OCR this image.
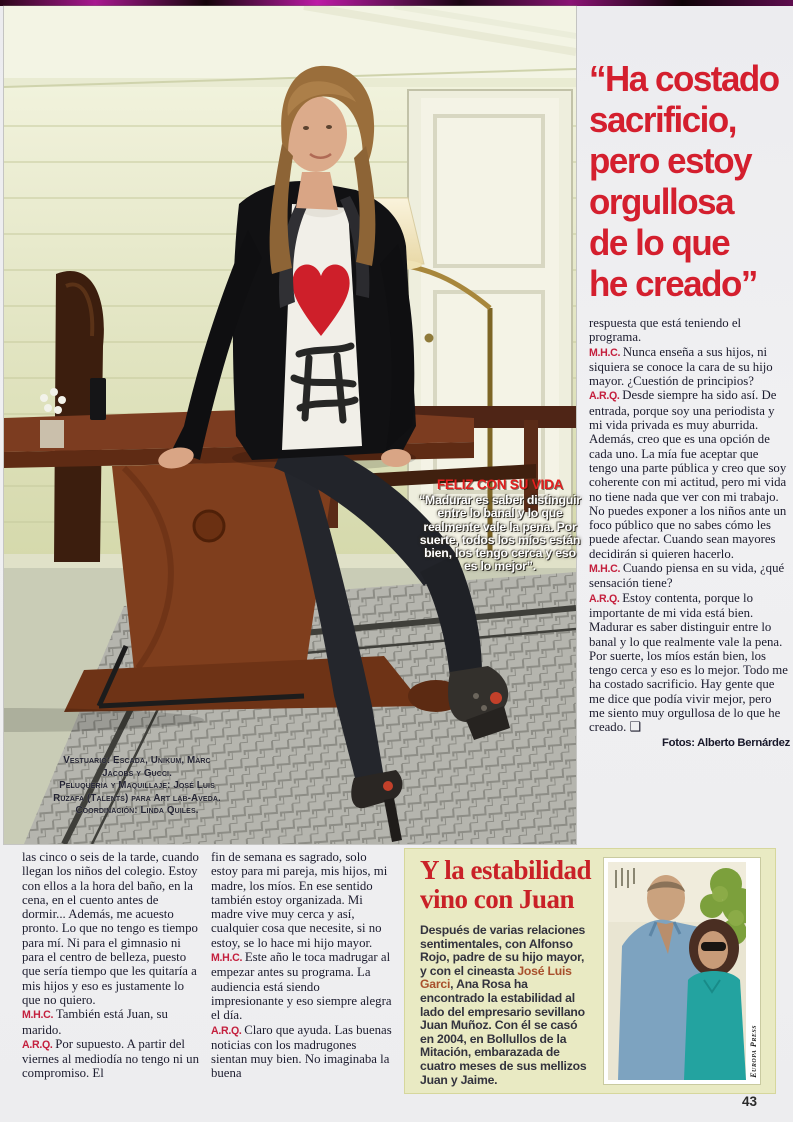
FELIZ CON SU VIDA
“Madurar es saber distinguir entre lo banal y lo que realmente vale la pena. Por suerte, todos los míos están bien, los tengo cerca y eso es lo mejor”.
Vestuario: Escada, Unikum, Marc
Jacobs y Gucci.
Peluquería y Maquillaje: José Luis
Ruzafa (Talents) para Art lab-Aveda.
Coordinación: Linda Quiles.
“Ha costado
sacrificio,
pero estoy
orgullosa
de lo que
he creado”

respuesta que está teniendo el programa.

M.H.C. Nunca enseña a sus hijos, ni siquiera se conoce la cara de su hijo mayor. ¿Cuestión de principios?

A.R.Q. Desde siempre ha sido así. De entrada, porque soy una periodista y mi vida privada es muy aburrida. Además, creo que es una opción de cada uno. La mía fue aceptar que tengo una parte pública y creo que soy coherente con mi actitud, pero mi vida no tiene nada que ver con mi trabajo. No puedes exponer a los niños ante un foco público que no sabes cómo les puede afectar. Cuando sean mayores decidirán si quieren hacerlo.

M.H.C. Cuando piensa en su vida, ¿qué sensación tiene?

A.R.Q. Estoy contenta, porque lo importante de mi vida está bien. Madurar es saber distinguir entre lo banal y lo que realmente vale la pena. Por suerte, los míos están bien, los tengo cerca y eso es lo mejor. Todo me ha costado sacrificio. Hay gente que me dice que podía vivir mejor, pero me siento muy orgullosa de lo que he creado. ❑

Fotos: Alberto Bernárdez

las cinco o seis de la tarde, cuando llegan los niños del colegio. Estoy con ellos a la hora del baño, en la cena, en el cuento antes de dormir... Además, me acuesto pronto. Lo que no tengo es tiempo para mí. Ni para el gimnasio ni para el centro de belleza, puesto que sería tiempo que les quitaría a mis hijos y eso es justamente lo que no quiero.

M.H.C. También está Juan, su marido.

A.R.Q. Por supuesto. A partir del viernes al mediodía no tengo ni un compromiso. El

fin de semana es sagrado, solo estoy para mi pareja, mis hijos, mi madre, los míos. En ese sentido también estoy organizada. Mi madre vive muy cerca y así, cualquier cosa que necesite, si no estoy, se lo hace mi hijo mayor.

M.H.C. Este año le toca madrugar al empezar antes su programa. La audiencia está siendo impresionante y eso siempre alegra el día.

A.R.Q. Claro que ayuda. Las buenas noticias con los madrugones sientan muy bien. No imaginaba la buena

Y la estabilidad
vino con Juan

Después de varias relaciones sentimentales, con Alfonso Rojo, padre de su hijo mayor, y con el cineasta José Luis Garci, Ana Rosa ha encontrado la estabilidad al lado del empresario sevillano Juan Muñoz. Con él se casó en 2004, en Bollullos de la Mitación, embarazada de cuatro meses de sus mellizos Juan y Jaime.

Europa Press
43
